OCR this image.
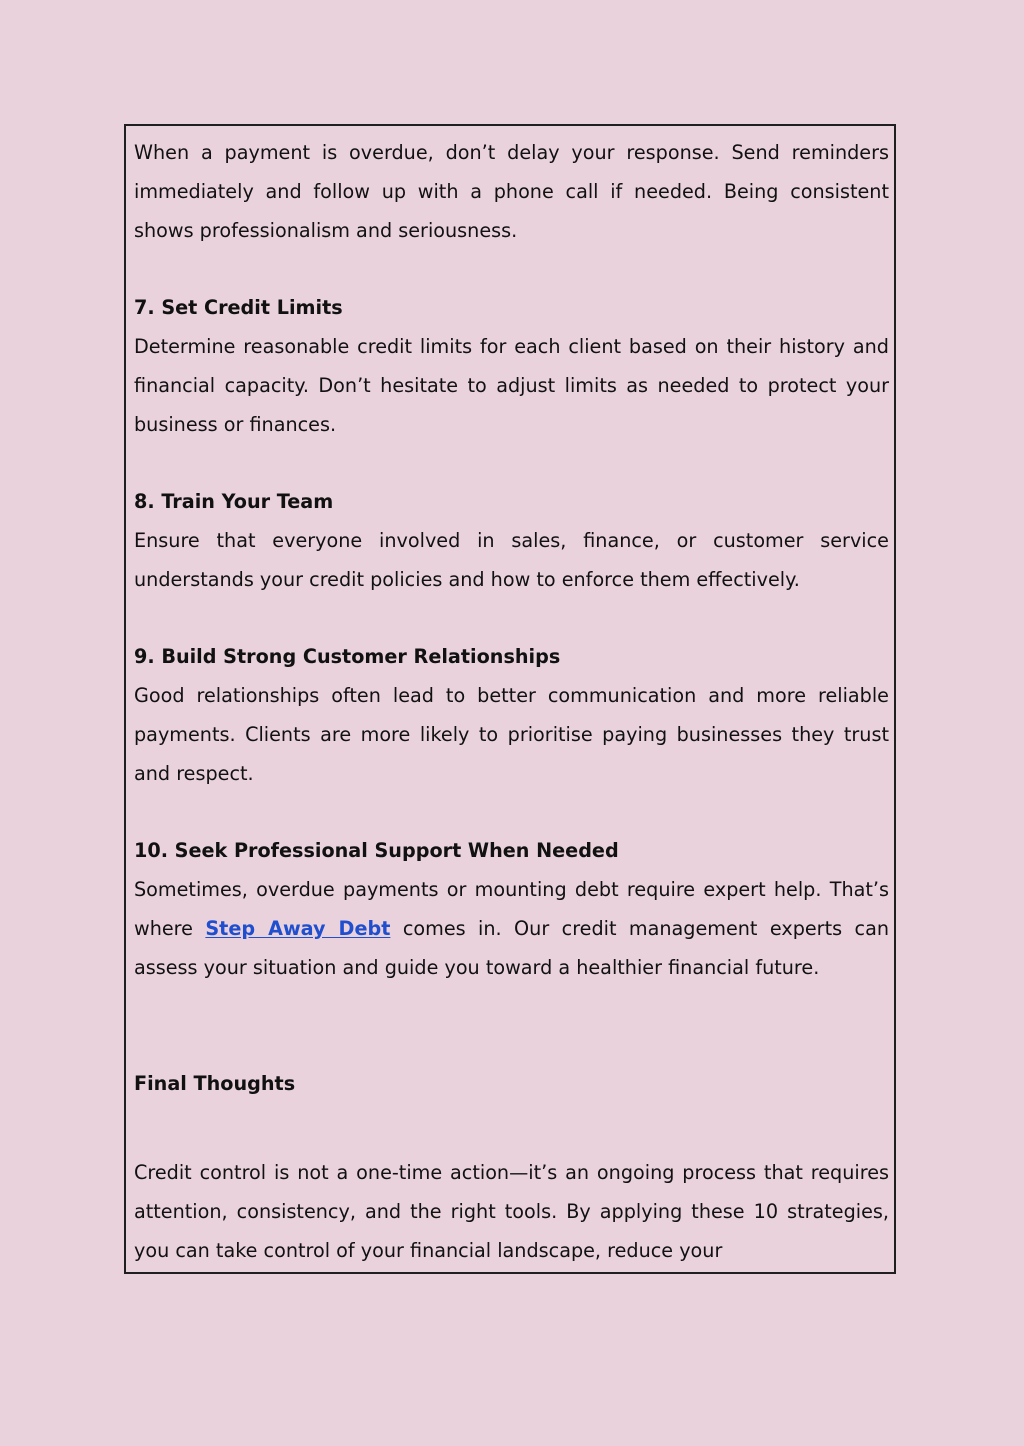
When a payment is overdue, don’t delay your response. Send reminders immediately and follow up with a phone call if needed. Being consistent shows professionalism and seriousness.

7. Set Credit Limits

Determine reasonable credit limits for each client based on their history and financial capacity. Don’t hesitate to adjust limits as needed to protect your business or finances.

8. Train Your Team

Ensure that everyone involved in sales, finance, or customer service understands your credit policies and how to enforce them effectively.

9. Build Strong Customer Relationships

Good relationships often lead to better communication and more reliable payments. Clients are more likely to prioritise paying businesses they trust and respect.

10. Seek Professional Support When Needed

Sometimes, overdue payments or mounting debt require expert help. That’s where Step Away Debt comes in. Our credit management experts can assess your situation and guide you toward a healthier financial future.

Final Thoughts

Credit control is not a one-time action—it’s an ongoing process that requires attention, consistency, and the right tools. By applying these 10 strategies, you can take control of your financial landscape, reduce your
